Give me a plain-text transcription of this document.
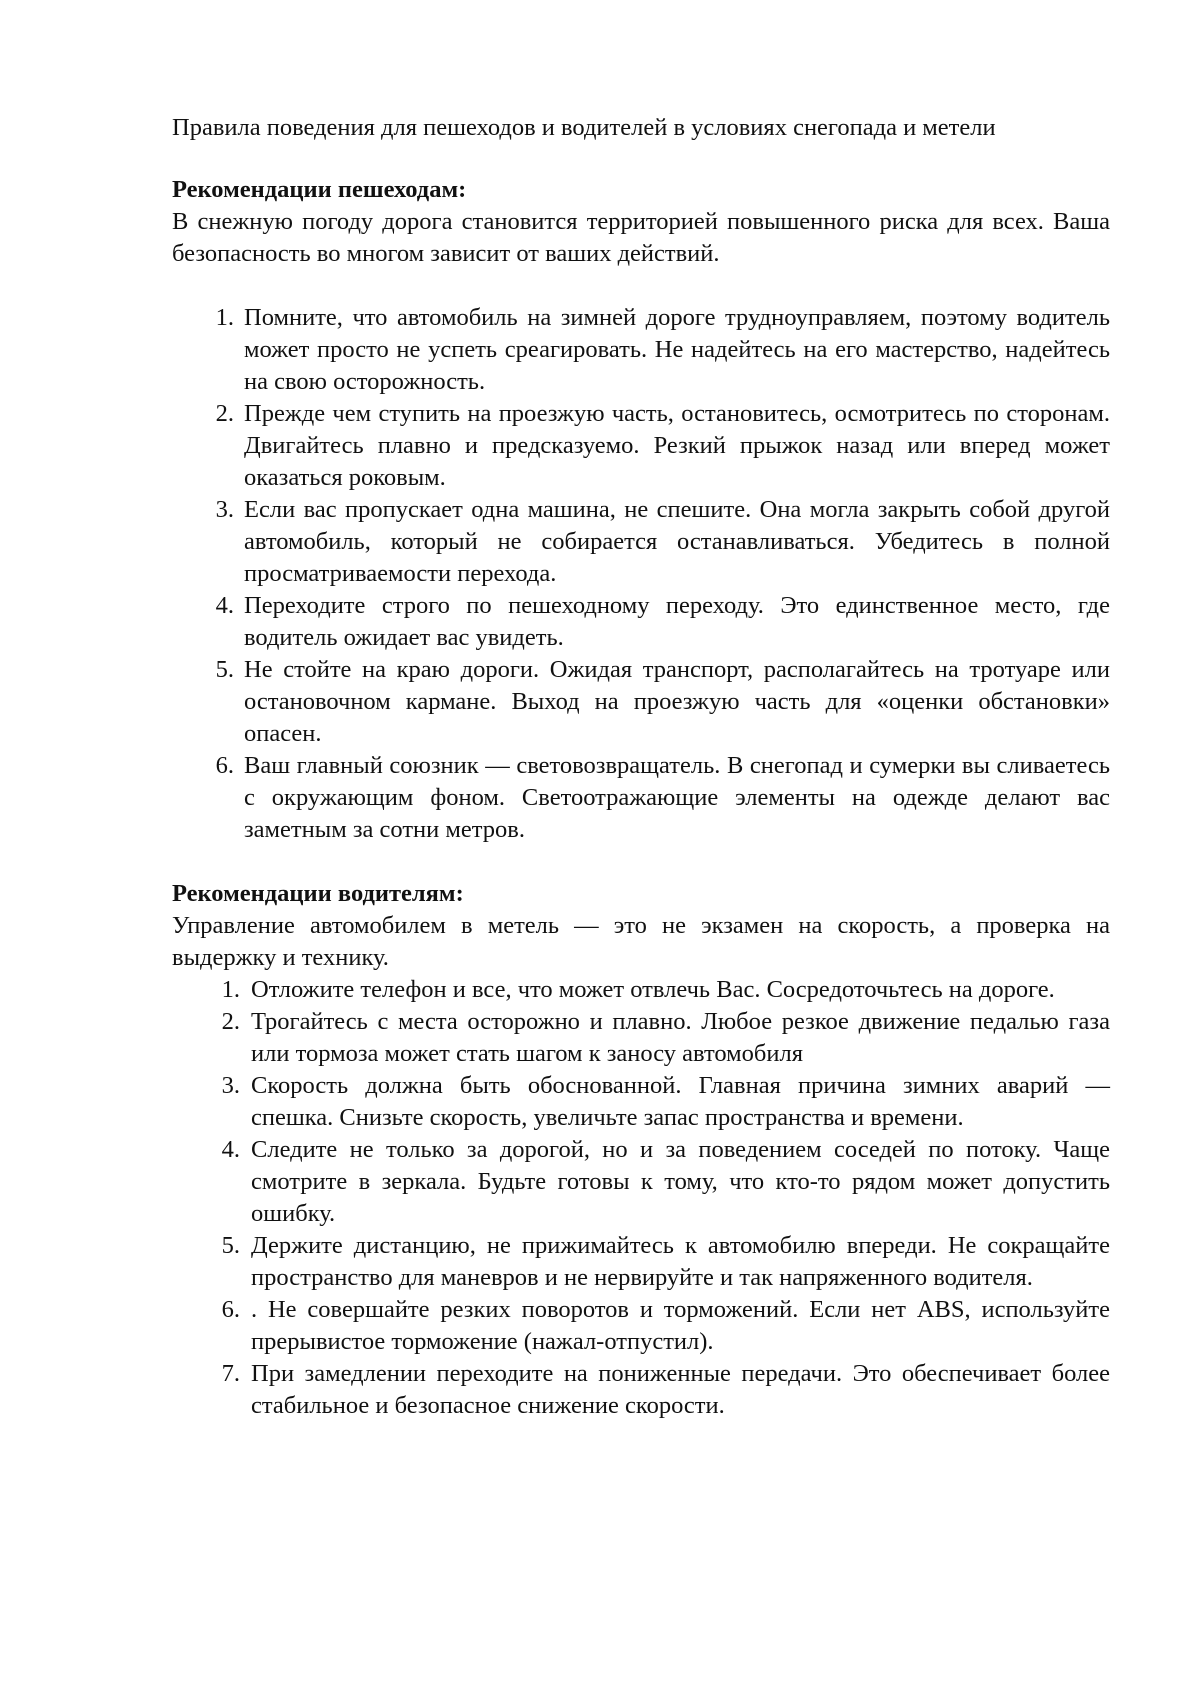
Правила поведения для пешеходов и водителей в условиях снегопада и метели

Рекомендации пешеходам:

В снежную погоду дорога становится территорией повышенного риска для всех. Ваша безопасность во многом зависит от ваших действий.

1. Помните, что автомобиль на зимней дороге трудноуправляем, поэтому водитель может просто не успеть среагировать. Не надейтесь на его мастерство, надейтесь на свою осторожность.
2. Прежде чем ступить на проезжую часть, остановитесь, осмотритесь по сторонам. Двигайтесь плавно и предсказуемо. Резкий прыжок назад или вперед может оказаться роковым.
3. Если вас пропускает одна машина, не спешите. Она могла закрыть собой другой автомобиль, который не собирается останавливаться. Убедитесь в полной просматриваемости перехода.
4. Переходите строго по пешеходному переходу. Это единственное место, где водитель ожидает вас увидеть.
5. Не стойте на краю дороги. Ожидая транспорт, располагайтесь на тротуаре или остановочном кармане. Выход на проезжую часть для «оценки обстановки» опасен.
6. Ваш главный союзник — световозвращатель. В снегопад и сумерки вы сливаетесь с окружающим фоном. Светоотражающие элементы на одежде делают вас заметным за сотни метров.

Рекомендации водителям:

Управление автомобилем в метель — это не экзамен на скорость, а проверка на выдержку и технику.

1. Отложите телефон и все, что может отвлечь Вас. Сосредоточьтесь на дороге.
2. Трогайтесь с места осторожно и плавно. Любое резкое движение педалью газа или тормоза может стать шагом к заносу автомобиля
3. Скорость должна быть обоснованной. Главная причина зимних аварий — спешка. Снизьте скорость, увеличьте запас пространства и времени.
4. Следите не только за дорогой, но и за поведением соседей по потоку. Чаще смотрите в зеркала. Будьте готовы к тому, что кто-то рядом может допустить ошибку.
5. Держите дистанцию, не прижимайтесь к автомобилю впереди. Не сокращайте пространство для маневров и не нервируйте и так напряженного водителя.
6. . Не совершайте резких поворотов и торможений. Если нет ABS, используйте прерывистое торможение (нажал-отпустил).
7. При замедлении переходите на пониженные передачи. Это обеспечивает более стабильное и безопасное снижение скорости.
